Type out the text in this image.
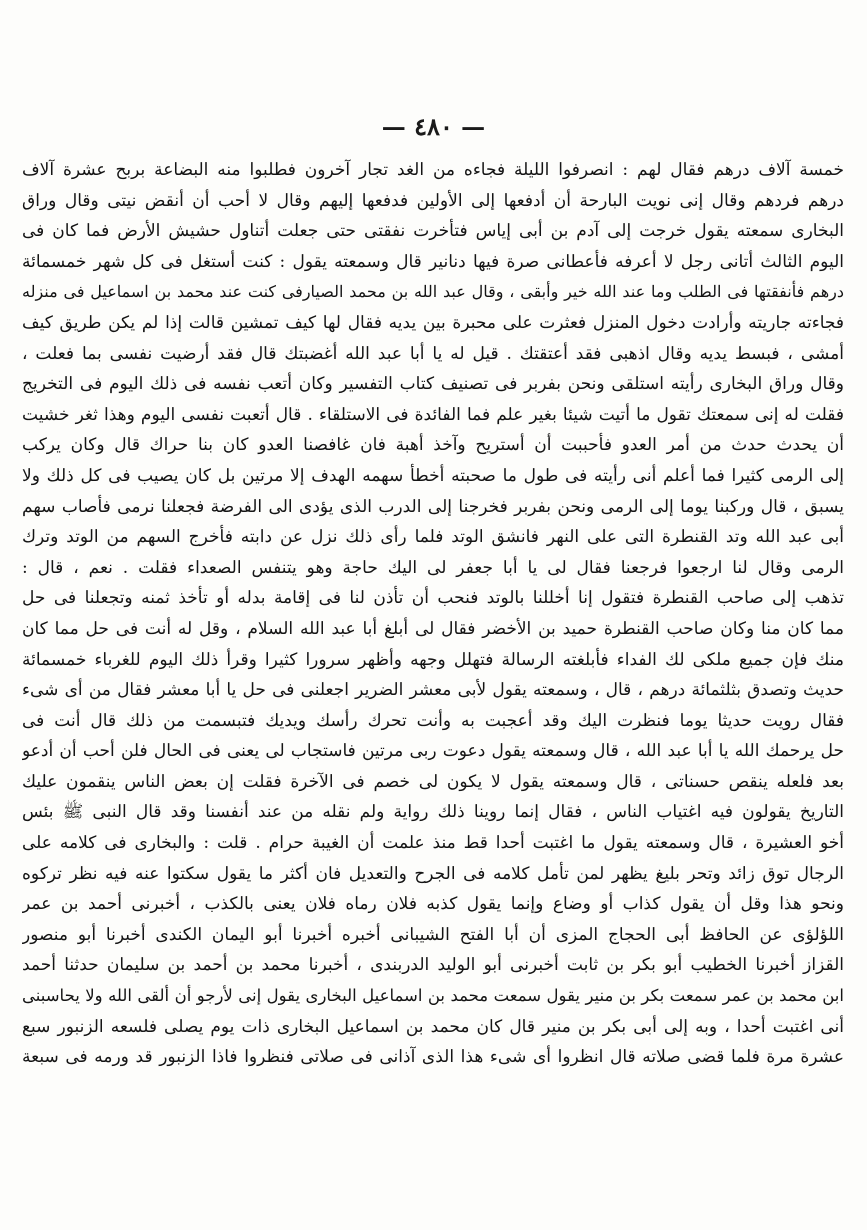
— ٤٨٠ —
خمسة آلاف درهم فقال لهم : انصرفوا الليلة فجاءه من الغد تجار آخرون فطلبوا منه البضاعة بربح عشرة آلاف
درهم فردهم وقال إنى نويت البارحة أن أدفعها إلى الأولين فدفعها إليهم وقال لا أحب أن أنقض نيتى وقال وراق
البخارى سمعته يقول خرجت إلى آدم بن أبى إياس فتأخرت نفقتى حتى جعلت أتناول حشيش الأرض فما كان فى
اليوم الثالث أتانى رجل لا أعرفه فأعطانى صرة فيها دنانير قال وسمعته يقول : كنت أستغل فى كل شهر خمسمائة
درهم فأنفقتها فى الطلب وما عند الله خير وأبقى ، وقال عبد الله بن محمد الصيارفى كنت عند محمد بن اسماعيل فى منزله
فجاءته جاريته وأرادت دخول المنزل فعثرت على محبرة بين يديه فقال لها كيف تمشين قالت إذا لم يكن طريق كيف
أمشى ، فبسط يديه وقال اذهبى فقد أعتقتك . قيل له يا أبا عبد الله أغضبتك قال فقد أرضيت نفسى بما فعلت ،
وقال وراق البخارى رأيته استلقى ونحن بفربر فى تصنيف كتاب التفسير وكان أتعب نفسه فى ذلك اليوم فى التخريج
فقلت له إنى سمعتك تقول ما أتيت شيئا بغير علم فما الفائدة فى الاستلقاء . قال أتعبت نفسى اليوم وهذا ثغر خشيت
أن يحدث حدث من أمر العدو فأحببت أن أستريح وآخذ أهبة فان غافصنا العدو كان بنا حراك قال وكان يركب
إلى الرمى كثيرا فما أعلم أنى رأيته فى طول ما صحبته أخطأ سهمه الهدف إلا مرتين بل كان يصيب فى كل ذلك ولا
يسبق ، قال وركبنا يوما إلى الرمى ونحن بفربر فخرجنا إلى الدرب الذى يؤدى الى الفرضة فجعلنا نرمى فأصاب سهم
أبى عبد الله وتد القنطرة التى على النهر فانشق الوتد فلما رأى ذلك نزل عن دابته فأخرج السهم من الوتد وترك
الرمى وقال لنا ارجعوا فرجعنا فقال لى يا أبا جعفر لى اليك حاجة وهو يتنفس الصعداء فقلت . نعم ، قال :
تذهب إلى صاحب القنطرة فتقول إنا أخللنا بالوتد فنحب أن تأذن لنا فى إقامة بدله أو تأخذ ثمنه وتجعلنا فى حل
مما كان منا وكان صاحب القنطرة حميد بن الأخضر فقال لى أبلغ أبا عبد الله السلام ، وقل له أنت فى حل مما كان
منك فإن جميع ملكى لك الفداء فأبلغته الرسالة فتهلل وجهه وأظهر سرورا كثيرا وقرأ ذلك اليوم للغرباء خمسمائة
حديث وتصدق بثلثمائة درهم ، قال ، وسمعته يقول لأبى معشر الضرير اجعلنى فى حل يا أبا معشر فقال من أى شىء
فقال رويت حديثا يوما فنظرت اليك وقد أعجبت به وأنت تحرك رأسك ويديك فتبسمت من ذلك قال أنت فى
حل يرحمك الله يا أبا عبد الله ، قال وسمعته يقول دعوت ربى مرتين فاستجاب لى يعنى فى الحال فلن أحب أن أدعو
بعد فلعله ينقص حسناتى ، قال وسمعته يقول لا يكون لى خصم فى الآخرة فقلت إن بعض الناس ينقمون عليك
التاريخ يقولون فيه اغتياب الناس ، فقال إنما روينا ذلك رواية ولم نقله من عند أنفسنا وقد قال النبى ﷺ بئس
أخو العشيرة ، قال وسمعته يقول ما اغتبت أحدا قط منذ علمت أن الغيبة حرام . قلت : والبخارى فى كلامه على
الرجال توق زائد وتحر بليغ يظهر لمن تأمل كلامه فى الجرح والتعديل فان أكثر ما يقول سكتوا عنه فيه نظر تركوه
ونحو هذا وقل أن يقول كذاب أو وضاع وإنما يقول كذبه فلان رماه فلان يعنى بالكذب ، أخبرنى أحمد بن عمر
اللؤلؤى عن الحافظ أبى الحجاج المزى أن أبا الفتح الشيبانى أخبره أخبرنا أبو اليمان الكندى أخبرنا أبو منصور
القزاز أخبرنا الخطيب أبو بكر بن ثابت أخبرنى أبو الوليد الدربندى ، أخبرنا محمد بن أحمد بن سليمان حدثنا أحمد
ابن محمد بن عمر سمعت بكر بن منير يقول سمعت محمد بن اسماعيل البخارى يقول إنى لأرجو أن ألقى الله ولا يحاسبنى
أنى اغتبت أحدا ، وبه إلى أبى بكر بن منير قال كان محمد بن اسماعيل البخارى ذات يوم يصلى فلسعه الزنبور سبع
عشرة مرة فلما قضى صلاته قال انظروا أى شىء هذا الذى آذانى فى صلاتى فنظروا فاذا الزنبور قد ورمه فى سبعة
